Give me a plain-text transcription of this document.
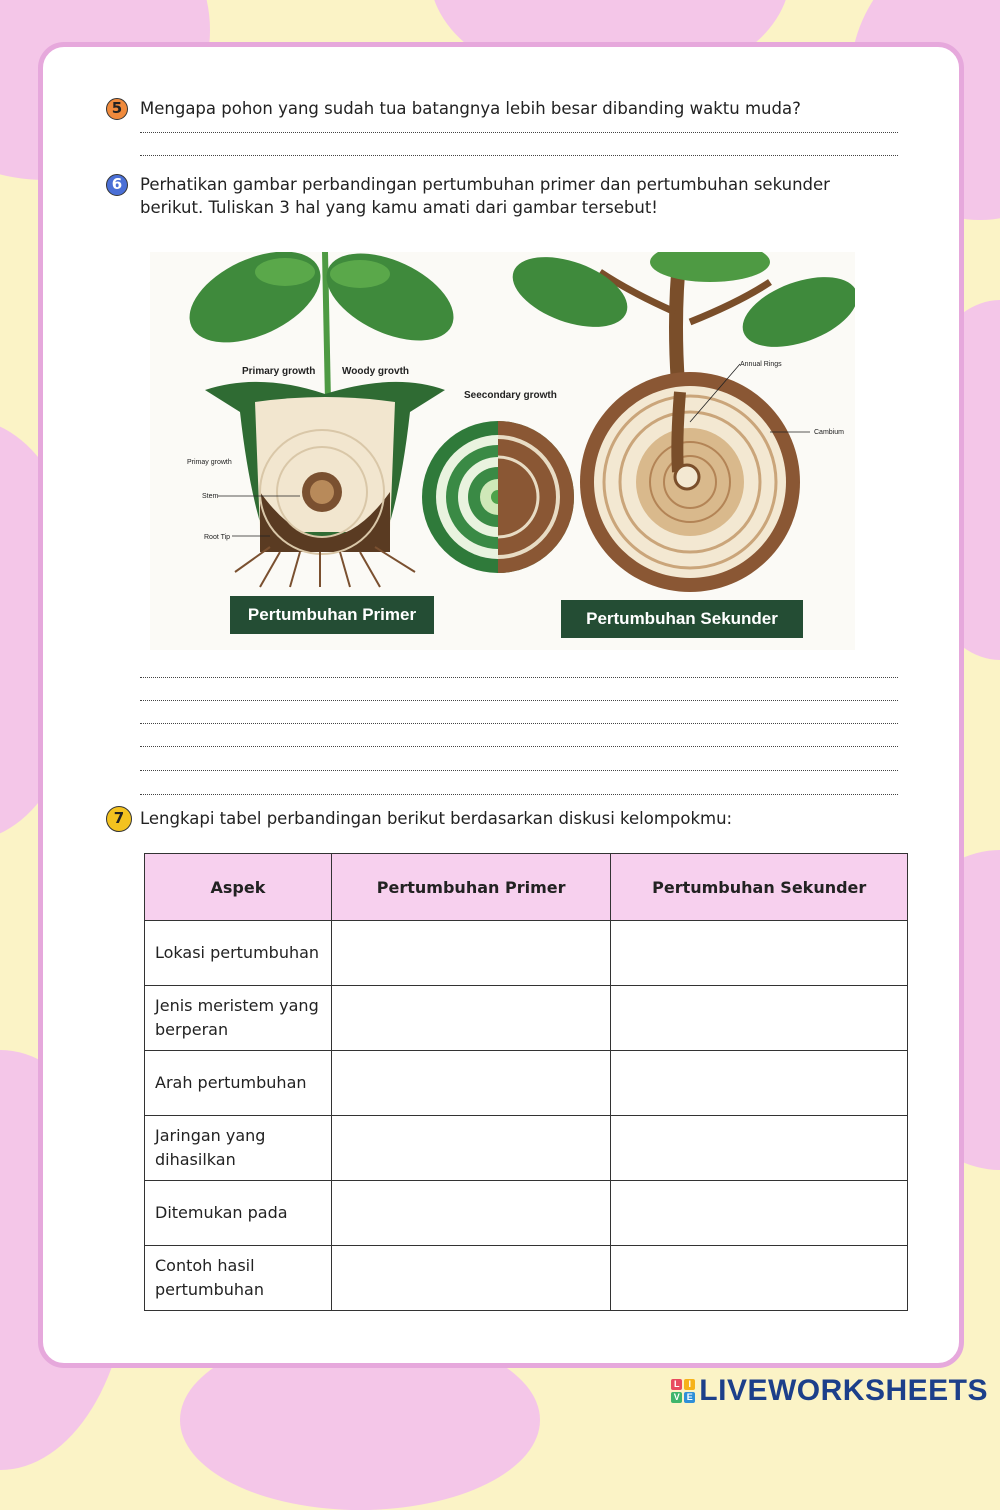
5	Mengapa pohon yang sudah tua batangnya lebih besar dibanding waktu muda?
6	Perhatikan gambar perbandingan pertumbuhan primer dan pertumbuhan sekunder
berikut. Tuliskan 3 hal yang kamu amati dari gambar tersebut!
Primary growth	Woody grovth
Primay growth
Stem
Root Tip
Seecondary growth
Annual Rings
Cambium
Pertumbuhan Primer	Pertumbuhan Sekunder
7 Lengkapi tabel perbandingan berikut berdasarkan diskusi kelompokmu:
Aspek	Pertumbuhan Primer	Pertumbuhan Sekunder
Lokasi pertumbuhan		
Jenis meristem yang berperan		
Arah pertumbuhan		
Jaringan yang dihasilkan		
Ditemukan pada		
Contoh hasil pertumbuhan		
L I
V E LIVEWORKSHEETS
